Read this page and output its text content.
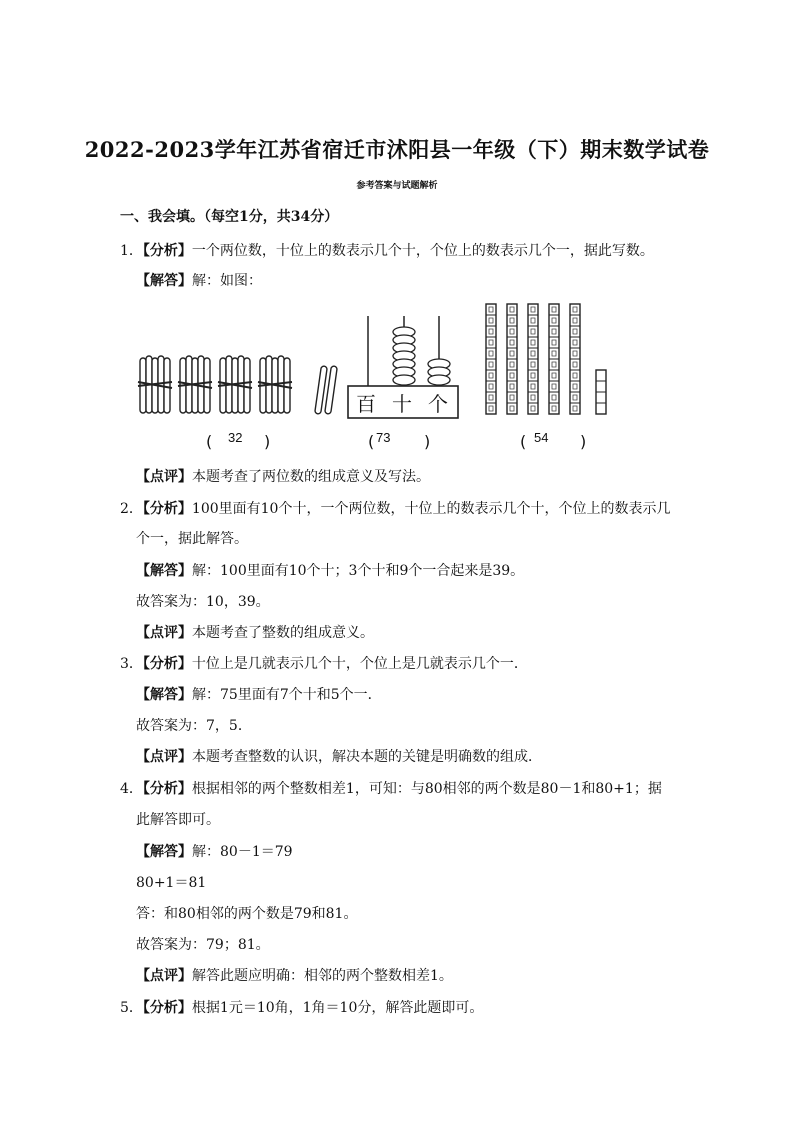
2022-2023学年江苏省宿迁市沭阳县一年级（下）期末数学试卷
参考答案与试题解析
一、我会填。（每空1分，共34分）
1．【分析】一个两位数，十位上的数表示几个十，个位上的数表示几个一，据此写数。
【解答】解：如图：
百 十 个
( 32 )	( 73 )	( 54 )
【点评】本题考查了两位数的组成意义及写法。
2．【分析】100里面有10个十，一个两位数，十位上的数表示几个十，个位上的数表示几
个一，据此解答。
【解答】解：100里面有10个十；3个十和9个一合起来是39。
故答案为：10，39。
【点评】本题考查了整数的组成意义。
3．【分析】十位上是几就表示几个十，个位上是几就表示几个一．
【解答】解：75里面有7个十和5个一．
故答案为：7，5．
【点评】本题考查整数的认识，解决本题的关键是明确数的组成．
4．【分析】根据相邻的两个整数相差1，可知：与80相邻的两个数是80－1和80+1；据
此解答即可。
【解答】解：80－1＝79
80+1＝81
答：和80相邻的两个数是79和81。
故答案为：79；81。
【点评】解答此题应明确：相邻的两个整数相差1。
5．【分析】根据1元＝10角，1角＝10分，解答此题即可。
